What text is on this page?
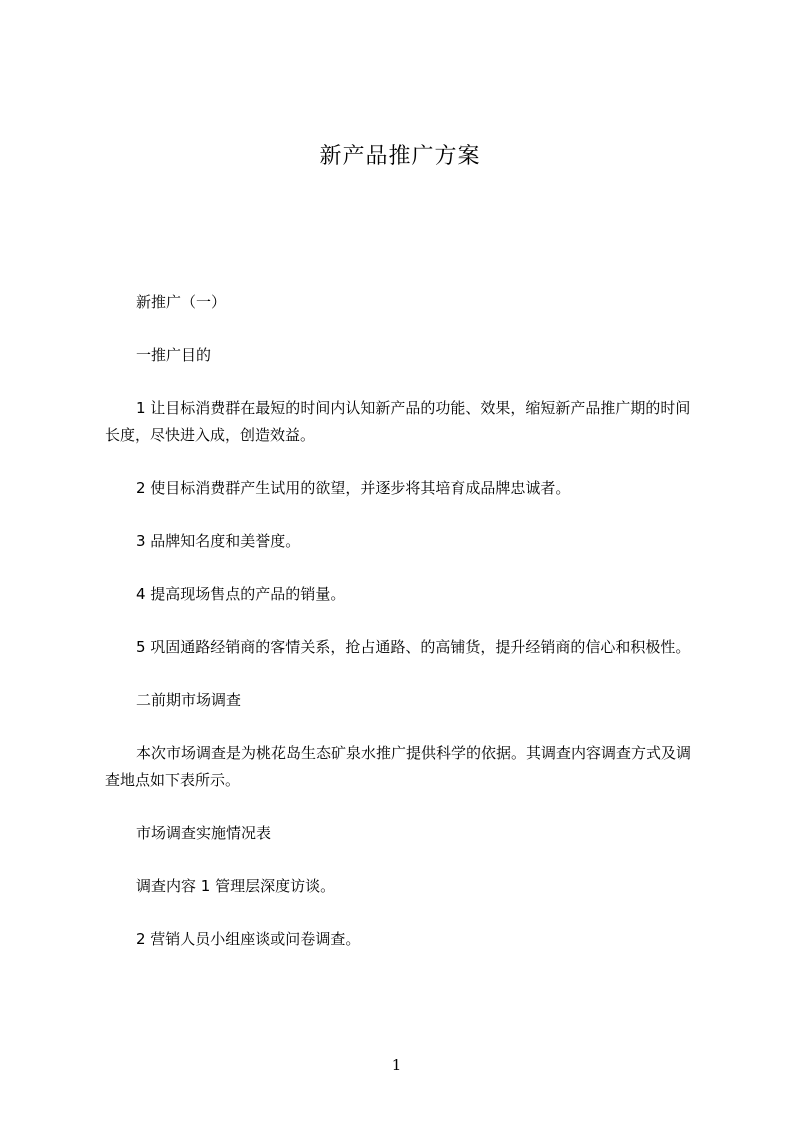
新产品推广方案

新推广（一）

一推广目的

1 让目标消费群在最短的时间内认知新产品的功能、效果，缩短新产品推广期的时间长度，尽快进入成，创造效益。

2 使目标消费群产生试用的欲望，并逐步将其培育成品牌忠诚者。

3 品牌知名度和美誉度。

4 提高现场售点的产品的销量。

5 巩固通路经销商的客情关系，抢占通路、的高铺货，提升经销商的信心和积极性。

二前期市场调查

本次市场调查是为桃花岛生态矿泉水推广提供科学的依据。其调查内容调查方式及调查地点如下表所示。

市场调查实施情况表

调查内容 1 管理层深度访谈。

2 营销人员小组座谈或问卷调查。

1
